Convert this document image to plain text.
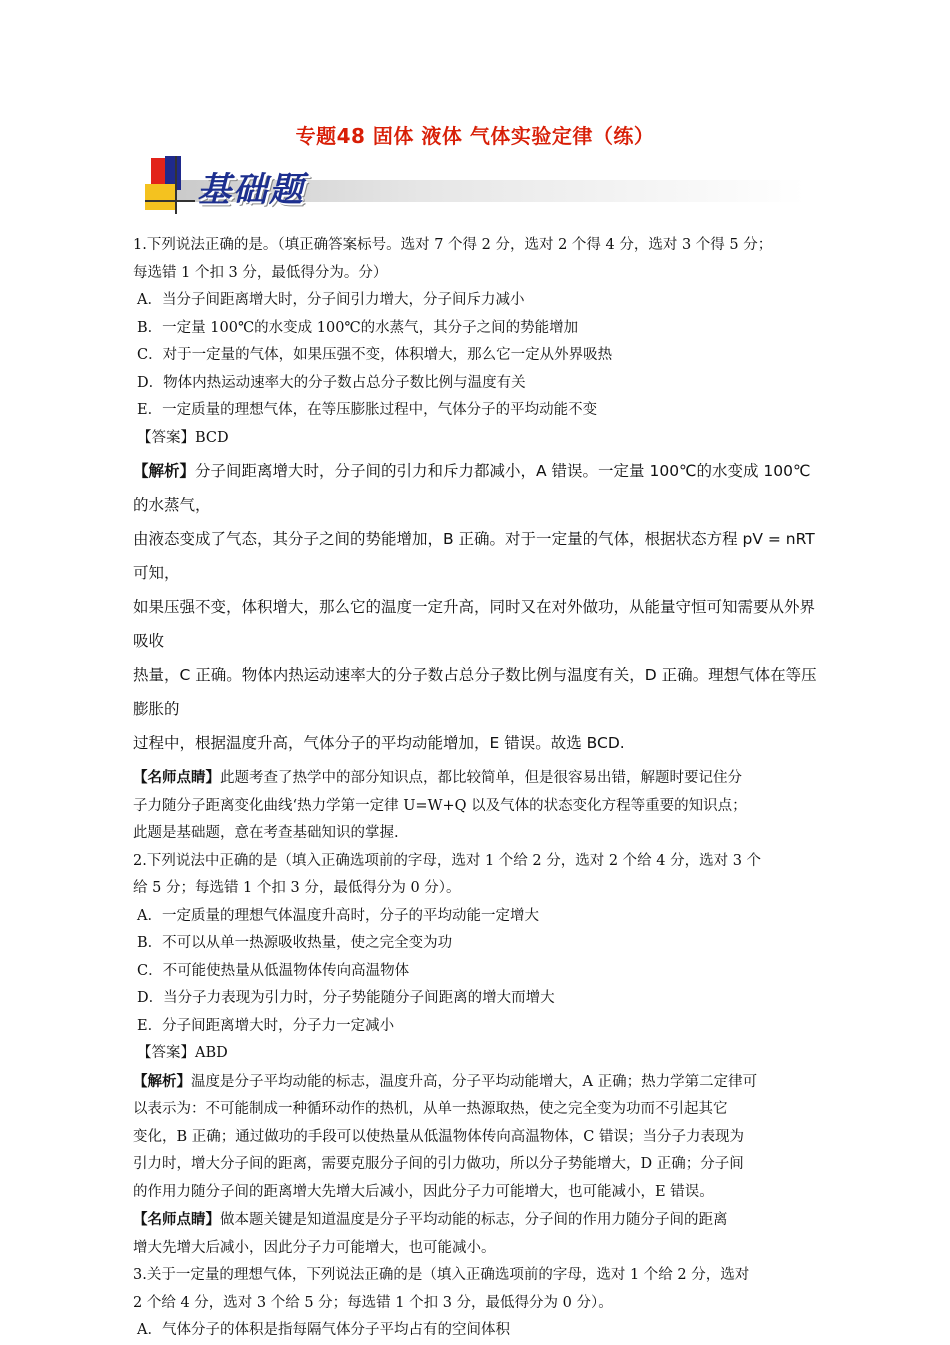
专题48 固体 液体 气体实验定律（练）
基础题

1.下列说法正确的是。（填正确答案标号。选对 7 个得 2 分，选对 2 个得 4 分，选对 3 个得 5 分；

每选错 1 个扣 3 分，最低得分为。分）

A．当分子间距离增大时，分子间引力增大，分子间斥力减小

B．一定量 100℃的水变成 100℃的水蒸气，其分子之间的势能增加

C．对于一定量的气体，如果压强不变，体积增大，那么它一定从外界吸热

D．物体内热运动速率大的分子数占总分子数比例与温度有关

E．一定质量的理想气体，在等压膨胀过程中，气体分子的平均动能不变

【答案】BCD

【解析】分子间距离增大时，分子间的引力和斥力都减小，A 错误。一定量 100℃的水变成 100℃的水蒸气，

由液态变成了气态，其分子之间的势能增加，B 正确。对于一定量的气体，根据状态方程 pV = nRT 可知，

如果压强不变，体积增大，那么它的温度一定升高，同时又在对外做功，从能量守恒可知需要从外界吸收

热量，C 正确。物体内热运动速率大的分子数占总分子数比例与温度有关，D 正确。理想气体在等压膨胀的

过程中，根据温度升高，气体分子的平均动能增加，E 错误。故选 BCD.

【名师点睛】此题考查了热学中的部分知识点，都比较简单，但是很容易出错，解题时要记住分

子力随分子距离变化曲线‘热力学第一定律 U=W+Q 以及气体的状态变化方程等重要的知识点；

此题是基础题，意在考查基础知识的掌握.

2.下列说法中正确的是（填入正确选项前的字母，选对 1 个给 2 分，选对 2 个给 4 分，选对 3 个

给 5 分；每选错 1 个扣 3 分，最低得分为 0 分）。

A．一定质量的理想气体温度升高时，分子的平均动能一定增大

B．不可以从单一热源吸收热量，使之完全变为功

C．不可能使热量从低温物体传向高温物体

D．当分子力表现为引力时，分子势能随分子间距离的增大而增大

E．分子间距离增大时，分子力一定减小

【答案】ABD

【解析】温度是分子平均动能的标志，温度升高，分子平均动能增大，A 正确；热力学第二定律可

以表示为：不可能制成一种循环动作的热机，从单一热源取热，使之完全变为功而不引起其它

变化，B 正确；通过做功的手段可以使热量从低温物体传向高温物体，C 错误；当分子力表现为

引力时，增大分子间的距离，需要克服分子间的引力做功，所以分子势能增大，D 正确；分子间

的作用力随分子间的距离增大先增大后减小，因此分子力可能增大，也可能减小，E 错误。

【名师点睛】做本题关键是知道温度是分子平均动能的标志，分子间的作用力随分子间的距离

增大先增大后减小，因此分子力可能增大，也可能减小。

3.关于一定量的理想气体，下列说法正确的是（填入正确选项前的字母，选对 1 个给 2 分，选对

2 个给 4 分，选对 3 个给 5 分；每选错 1 个扣 3 分，最低得分为 0 分）。

A．气体分子的体积是指每隔气体分子平均占有的空间体积
